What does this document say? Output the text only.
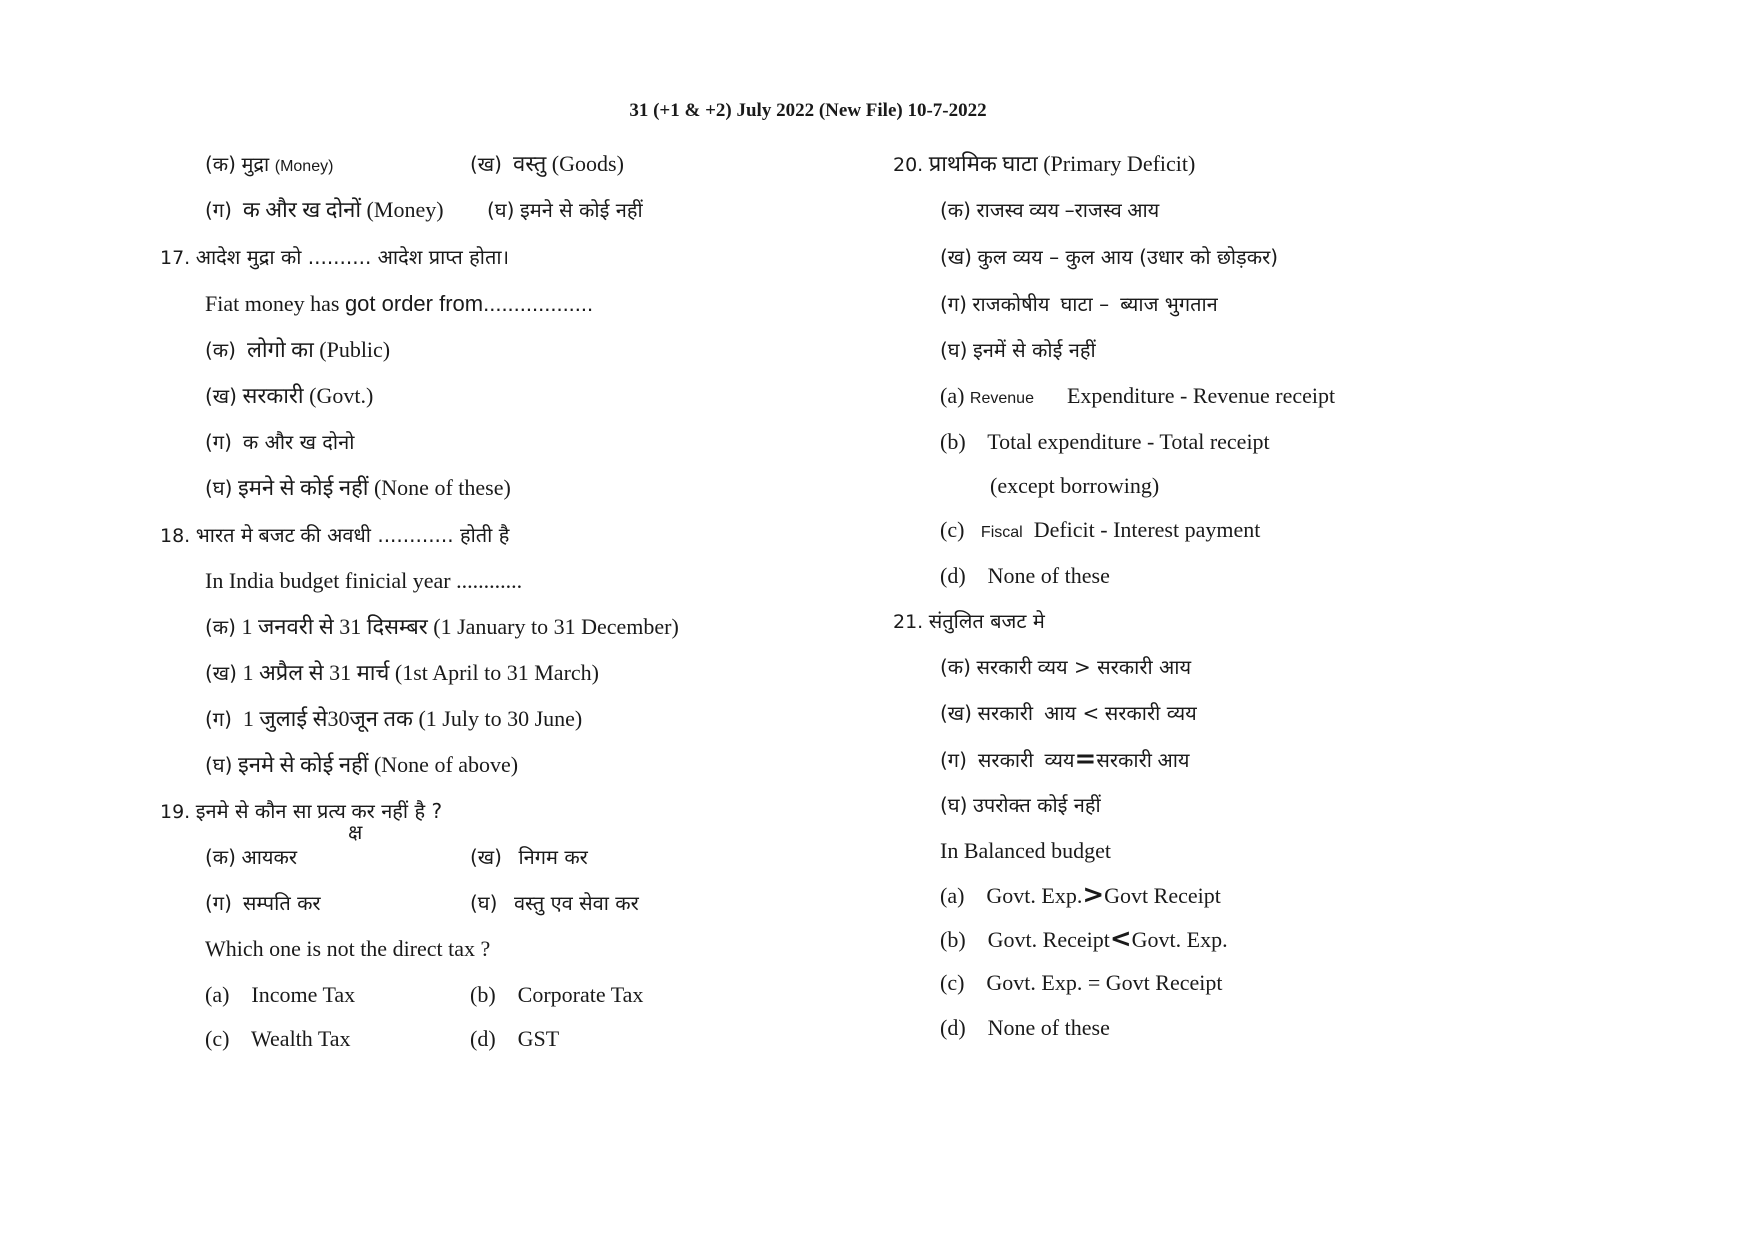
31 (+1 & +2) July 2022 (New File) 10-7-2022
(क) मुद्रा (Money)	(ख) वस्तु (Goods)
(ग) क और ख दोनों (Money) (घ) इमने से कोई नहीं
17. आदेश मुद्रा को .......... आदेश प्राप्त होता।
Fiat money has got order from..................
(क) लोगो का (Public)
(ख) सरकारी (Govt.)
(ग) क और ख दोनो
(घ) इमने से कोई नहीं (None of these)
18. भारत मे बजट की अवधी ............ होती है
In India budget finicial year ............
(क) 1 जनवरी से 31 दिसम्बर (1 January to 31 December)
(ख) 1 अप्रैल से 31 मार्च (1st April to 31 March)
(ग) 1 जुलाई से30जून तक (1 July to 30 June)
(घ) इनमे से कोई नहीं (None of above)
19. इनमे से कौन सा प्रत्य कर नहीं है ?
क्ष
(क) आयकर	(ख) निगम कर
(ग) सम्पति कर	(घ) वस्तु एव सेवा कर
Which one is not the direct tax ?
(a) Income Tax	(b) Corporate Tax
(c) Wealth Tax	(d) GST
20. प्राथमिक घाटा (Primary Deficit)
(क) राजस्व व्यय –राजस्व आय
(ख) कुल व्यय – कुल आय (उधार को छोड़कर)
(ग) राजकोषीय घाटा – ब्याज भुगतान
(घ) इनमें से कोई नहीं
(a) Revenue Expenditure - Revenue receipt
(b) Total expenditure - Total receipt
(except borrowing)
(c) Fiscal Deficit - Interest payment
(d) None of these
21. संतुलित बजट मे
(क) सरकारी व्यय > सरकारी आय
(ख) सरकारी आय < सरकारी व्यय
(ग) सरकारी व्यय=सरकारी आय
(घ) उपरोक्त कोई नहीं
In Balanced budget
(a) Govt. Exp.>Govt Receipt
(b) Govt. Receipt<Govt. Exp.
(c) Govt. Exp. = Govt Receipt
(d) None of these
